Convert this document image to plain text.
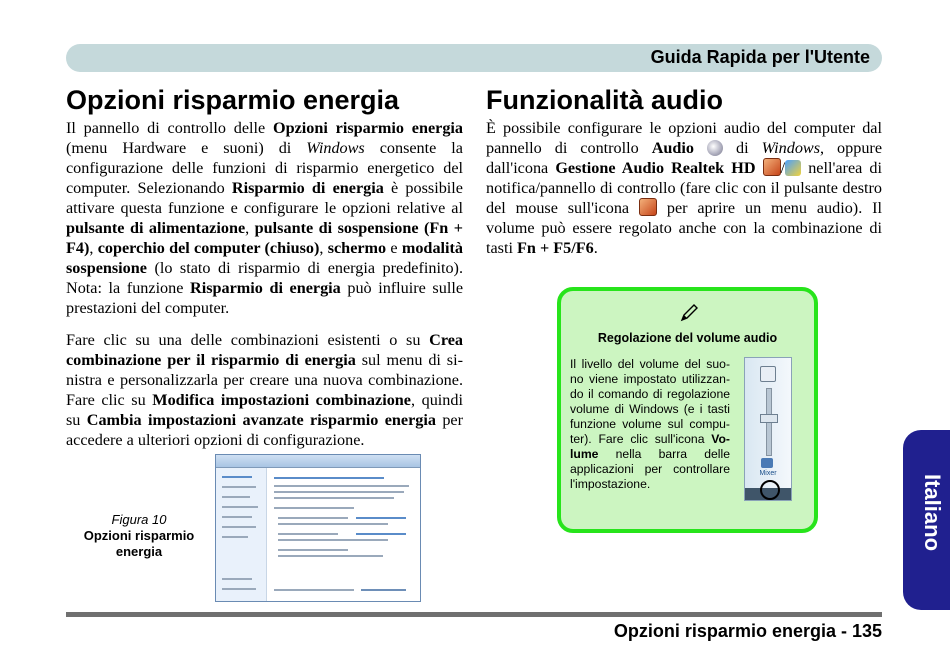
Guida Rapida per l'Utente
Opzioni risparmio energia

Il pannello di controllo delle Opzioni risparmio energia (menu Hardware e suoni) di Windows consente la configurazione delle funzioni di risparmio energetico del computer. Selezionando Risparmio di energia è possibile attivare questa funzione e configurare le opzioni relative al pulsante di alimentazione, pulsante di sospensione (Fn + F4), coperchio del computer (chiuso), schermo e modalità sospensione (lo stato di risparmio di energia predefinito). Nota: la funzione Risparmio di energia può influire sulle prestazioni del computer.

Fare clic su una delle combinazioni esistenti o su Crea combinazione per il risparmio di energia sul menu di si-nistra e personalizzarla per creare una nuova combinazione. Fare clic su Modifica impostazioni combinazione, quindi su Cambia impostazioni avanzate risparmio energia per accedere a ulteriori opzioni di configurazione.

Figura 10
Opzioni risparmio energia
Funzionalità audio

È possibile configurare le opzioni audio del computer dal pannello di controllo Audio	di Windows, oppure dall'icona Gestione Audio Realtek HD / nell'area di notifica/pannello di controllo (fare clic con il pulsante destro del mouse sull'icona  per aprire un menu audio). Il volume può essere regolato anche con la combinazione di tasti Fn + F5/F6.

Regolazione del volume audio
Il livello del volume del suo-no viene impostato utilizzan-do il comando di regolazione volume di Windows (e i tasti funzione volume sul compu-ter). Fare clic sull'icona Vo-lume nella barra delle applicazioni per controllare l'impostazione.
Mixer
Italiano
Opzioni risparmio energia - 135
